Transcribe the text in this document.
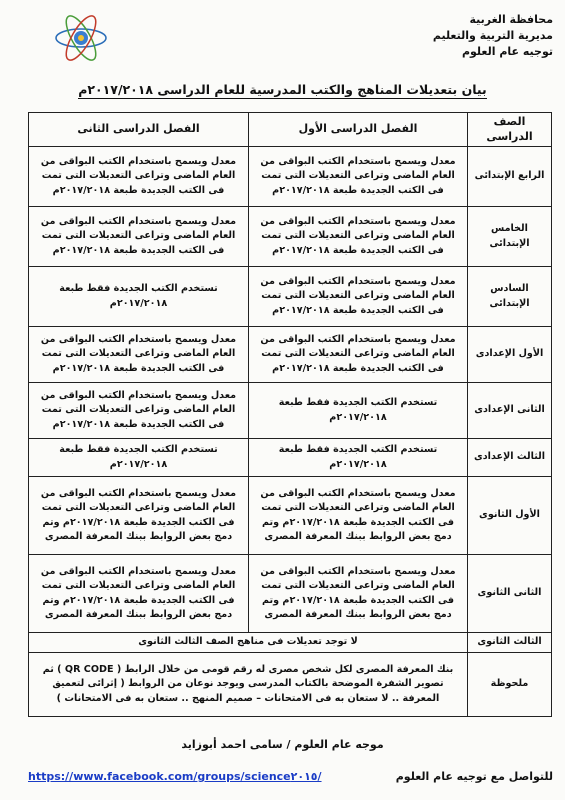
محافظة الغربية
مديرية التربية والتعليم
توجيه عام العلوم
بيان بتعديلات المناهج والكتب المدرسية للعام الدراسى ٢٠١٧/٢٠١٨م
الصف الدراسى	الفصل الدراسى الأول	الفصل الدراسى الثانى
الرابع الإبتدائى	معدل ويسمح باستخدام الكتب البواقى من العام الماضى وتراعى التعديلات التى تمت فى الكتب الجديدة طبعة ٢٠١٧/٢٠١٨م	معدل ويسمح باستخدام الكتب البواقى من العام الماضى وتراعى التعديلات التى تمت فى الكتب الجديدة طبعة ٢٠١٧/٢٠١٨م
الخامس الإبتدائى	معدل ويسمح باستخدام الكتب البواقى من العام الماضى وتراعى التعديلات التى تمت فى الكتب الجديدة طبعة ٢٠١٧/٢٠١٨م	معدل ويسمح باستخدام الكتب البواقى من العام الماضى وتراعى التعديلات التى تمت فى الكتب الجديدة طبعة ٢٠١٧/٢٠١٨م
السادس الإبتدائى	معدل ويسمح باستخدام الكتب البواقى من العام الماضى وتراعى التعديلات التى تمت فى الكتب الجديدة طبعة ٢٠١٧/٢٠١٨م	تستخدم الكتب الجديدة فقط طبعة ٢٠١٧/٢٠١٨م
الأول الإعدادى	معدل ويسمح باستخدام الكتب البواقى من العام الماضى وتراعى التعديلات التى تمت فى الكتب الجديدة طبعة ٢٠١٧/٢٠١٨م	معدل ويسمح باستخدام الكتب البواقى من العام الماضى وتراعى التعديلات التى تمت فى الكتب الجديدة طبعة ٢٠١٧/٢٠١٨م
الثانى الإعدادى	تستخدم الكتب الجديدة فقط طبعة ٢٠١٧/٢٠١٨م	معدل ويسمح باستخدام الكتب البواقى من العام الماضى وتراعى التعديلات التى تمت فى الكتب الجديدة طبعة ٢٠١٧/٢٠١٨م
الثالث الإعدادى	تستخدم الكتب الجديدة فقط طبعة ٢٠١٧/٢٠١٨م	تستخدم الكتب الجديدة فقط طبعة ٢٠١٧/٢٠١٨م
الأول الثانوى	معدل ويسمح باستخدام الكتب البواقى من العام الماضى وتراعى التعديلات التى تمت فى الكتب الجديدة طبعة ٢٠١٧/٢٠١٨م وتم دمج بعض الروابط ببنك المعرفة المصرى	معدل ويسمح باستخدام الكتب البواقى من العام الماضى وتراعى التعديلات التى تمت فى الكتب الجديدة طبعة ٢٠١٧/٢٠١٨م وتم دمج بعض الروابط ببنك المعرفة المصرى
الثانى الثانوى	معدل ويسمح باستخدام الكتب البواقى من العام الماضى وتراعى التعديلات التى تمت فى الكتب الجديدة طبعة ٢٠١٧/٢٠١٨م وتم دمج بعض الروابط ببنك المعرفة المصرى	معدل ويسمح باستخدام الكتب البواقى من العام الماضى وتراعى التعديلات التى تمت فى الكتب الجديدة طبعة ٢٠١٧/٢٠١٨م وتم دمج بعض الروابط ببنك المعرفة المصرى
الثالث الثانوى	لا توجد تعديلات فى مناهج الصف الثالث الثانوى	
ملحوظة	بنك المعرفة المصرى لكل شخص مصرى له رقم قومى من خلال الرابط ( QR CODE ) ثم تصوير الشفرة الموضحة بالكتاب المدرسى ويوجد نوعان من الروابط ( إثرائى لتعميق المعرفة .. لا ستعان به فى الامتحانات – صميم المنهج .. ستعان به فى الامتحانات )	
موجه عام العلوم / سامى احمد أبوزايد
للتواصل مع توجيه عام العلوم
https://www.facebook.com/groups/science٢٠١٥/
